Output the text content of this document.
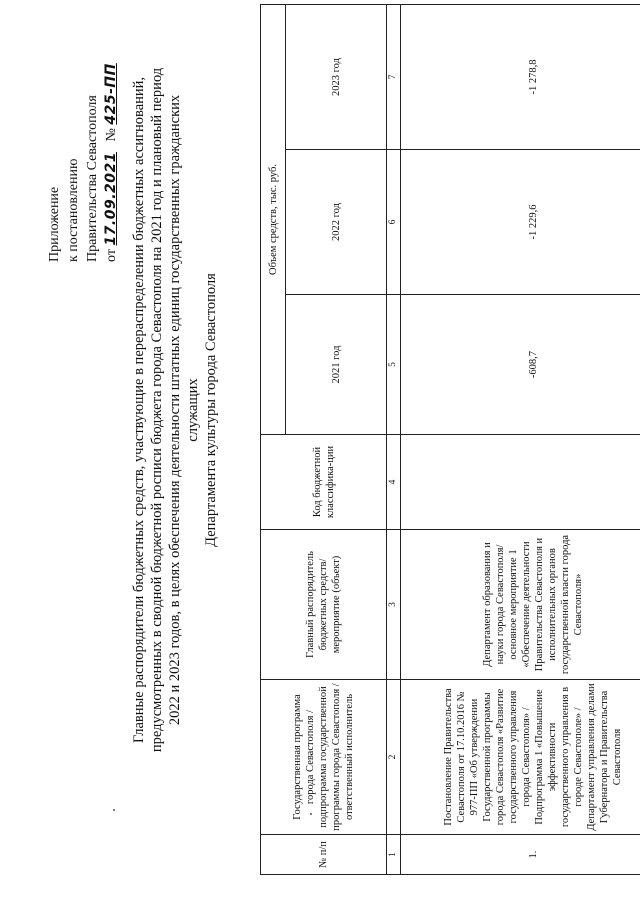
Приложение к постановлению Правительства Севастополя от 17.09.2021   № 425-ПП Главные распорядители бюджетных средств, участвующие в перераспределении бюджетных ассигнований, предусмотренных в сводной бюджетной росписи бюджета города Севастополя на 2021 год и плановый период 2022 и 2023 годов, в целях обеспечения деятельности штатных единиц государственных гражданских служащих Департамента культуры города Севастополя
№ п/п	Государственная программа города Севастополя / подпрограмма государственной программы города Севастополя / ответственный исполнитель	Главный распорядитель бюджетных средств/мероприятие (объект)	Код бюджетной классифика-ции	Объем средств, тыс. руб.		
				2021 год	2022 год	2023 год
1	2	3	4	5	6	7
1.	Постановление Правительства Севастополя от 17.10.2016 № 977-ПП «Об утверждении Государственной программы города Севастополя «Развитие государственного управления города Севастополя» / Подпрограмма 1 «Повышение эффективности государственного управления в городе Севастополе» / Департамент управления делами Губернатора и Правительства Севастополя	Департамент образования и науки города Севастополя/основное мероприятие 1 «Обеспечение деятельности Правительства Севастополя и исполнительных органов государственной власти города Севастополя»		-608,7	-1 229,6	-1 278,8
